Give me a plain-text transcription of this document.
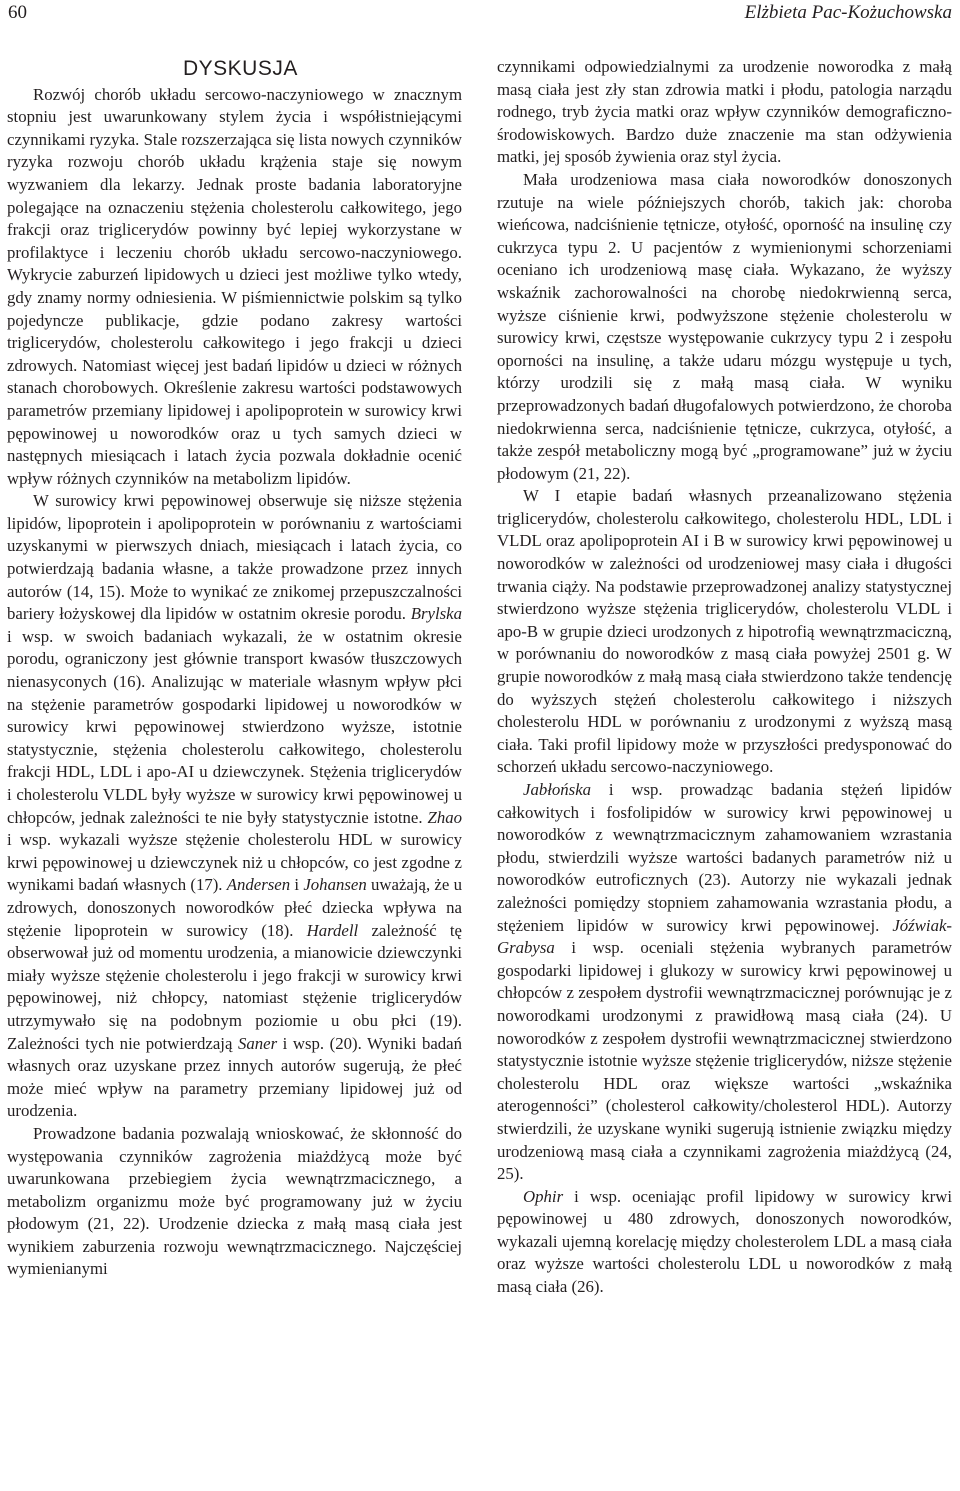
60	Elżbieta Pac-Kożuchowska
DYSKUSJA

Rozwój chorób układu sercowo-naczyniowego w znacznym stopniu jest uwarunkowany stylem życia i współistniejącymi czynnikami ryzyka. Stale rozszerzająca się lista nowych czynników ryzyka rozwoju chorób układu krążenia staje się nowym wyzwaniem dla lekarzy. Jednak proste badania laboratoryjne polegające na oznaczeniu stężenia cholesterolu całkowitego, jego frakcji oraz triglicerydów powinny być lepiej wykorzystane w profilaktyce i leczeniu chorób układu sercowo-naczyniowego. Wykrycie zaburzeń lipidowych u dzieci jest możliwe tylko wtedy, gdy znamy normy odniesienia. W piśmiennictwie polskim są tylko pojedyncze publikacje, gdzie podano zakresy wartości triglicerydów, cholesterolu całkowitego i jego frakcji u dzieci zdrowych. Natomiast więcej jest badań lipidów u dzieci w różnych stanach chorobowych. Określenie zakresu wartości podstawowych parametrów przemiany lipidowej i apolipoprotein w surowicy krwi pępowinowej u noworodków oraz u tych samych dzieci w następnych miesiącach i latach życia pozwala dokładnie ocenić wpływ różnych czynników na metabolizm lipidów.

W surowicy krwi pępowinowej obserwuje się niższe stężenia lipidów, lipoprotein i apolipoprotein w porównaniu z wartościami uzyskanymi w pierwszych dniach, miesiącach i latach życia, co potwierdzają badania własne, a także prowadzone przez innych autorów (14, 15). Może to wynikać ze znikomej przepuszczalności bariery łożyskowej dla lipidów w ostatnim okresie porodu. Brylska i wsp. w swoich badaniach wykazali, że w ostatnim okresie porodu, ograniczony jest głównie transport kwasów tłuszczowych nienasyconych (16). Analizując w materiale własnym wpływ płci na stężenie parametrów gospodarki lipidowej u noworodków w surowicy krwi pępowinowej stwierdzono wyższe, istotnie statystycznie, stężenia cholesterolu całkowitego, cholesterolu frakcji HDL, LDL i apo-AI u dziewczynek. Stężenia triglicerydów i cholesterolu VLDL były wyższe w surowicy krwi pępowinowej u chłopców, jednak zależności te nie były statystycznie istotne. Zhao i wsp. wykazali wyższe stężenie cholesterolu HDL w surowicy krwi pępowinowej u dziewczynek niż u chłopców, co jest zgodne z wynikami badań własnych (17). Andersen i Johansen uważają, że u zdrowych, donoszonych noworodków płeć dziecka wpływa na stężenie lipoprotein w surowicy (18). Hardell zależność tę obserwował już od momentu urodzenia, a mianowicie dziewczynki miały wyższe stężenie cholesterolu i jego frakcji w surowicy krwi pępowinowej, niż chłopcy, natomiast stężenie triglicerydów utrzymywało się na podobnym poziomie u obu płci (19). Zależności tych nie potwierdzają Saner i wsp. (20). Wyniki badań własnych oraz uzyskane przez innych autorów sugerują, że płeć może mieć wpływ na parametry przemiany lipidowej już od urodzenia.

Prowadzone badania pozwalają wnioskować, że skłonność do występowania czynników zagrożenia miażdżycą może być uwarunkowana przebiegiem życia wewnątrzmacicznego, a metabolizm organizmu może być programowany już w życiu płodowym (21, 22). Urodzenie dziecka z małą masą ciała jest wynikiem zaburzenia rozwoju wewnątrzmacicznego. Najczęściej wymienianymi

czynnikami odpowiedzialnymi za urodzenie noworodka z małą masą ciała jest zły stan zdrowia matki i płodu, patologia narządu rodnego, tryb życia matki oraz wpływ czynników demograficzno-środowiskowych. Bardzo duże znaczenie ma stan odżywienia matki, jej sposób żywienia oraz styl życia.

Mała urodzeniowa masa ciała noworodków donoszonych rzutuje na wiele późniejszych chorób, takich jak: choroba wieńcowa, nadciśnienie tętnicze, otyłość, oporność na insulinę czy cukrzyca typu 2. U pacjentów z wymienionymi schorzeniami oceniano ich urodzeniową masę ciała. Wykazano, że wyższy wskaźnik zachorowalności na chorobę niedokrwienną serca, wyższe ciśnienie krwi, podwyższone stężenie cholesterolu w surowicy krwi, częstsze występowanie cukrzycy typu 2 i zespołu oporności na insulinę, a także udaru mózgu występuje u tych, którzy urodzili się z małą masą ciała. W wyniku przeprowadzonych badań długofalowych potwierdzono, że choroba niedokrwienna serca, nadciśnienie tętnicze, cukrzyca, otyłość, a także zespół metaboliczny mogą być „programowane” już w życiu płodowym (21, 22).

W I etapie badań własnych przeanalizowano stężenia triglicerydów, cholesterolu całkowitego, cholesterolu HDL, LDL i VLDL oraz apolipoprotein AI i B w surowicy krwi pępowinowej u noworodków w zależności od urodzeniowej masy ciała i długości trwania ciąży. Na podstawie przeprowadzonej analizy statystycznej stwierdzono wyższe stężenia triglicerydów, cholesterolu VLDL i apo-B w grupie dzieci urodzonych z hipotrofią wewnątrzmaciczną, w porównaniu do noworodków z masą ciała powyżej 2501 g. W grupie noworodków z małą masą ciała stwierdzono także tendencję do wyższych stężeń cholesterolu całkowitego i niższych cholesterolu HDL w porównaniu z urodzonymi z wyższą masą ciała. Taki profil lipidowy może w przyszłości predysponować do schorzeń układu sercowo-naczyniowego.

Jabłońska i wsp. prowadząc badania stężeń lipidów całkowitych i fosfolipidów w surowicy krwi pępowinowej u noworodków z wewnątrzmacicznym zahamowaniem wzrastania płodu, stwierdzili wyższe wartości badanych parametrów niż u noworodków eutroficznych (23). Autorzy nie wykazali jednak zależności pomiędzy stopniem zahamowania wzrastania płodu, a stężeniem lipidów w surowicy krwi pępowinowej. Jóźwiak-Grabysa i wsp. oceniali stężenia wybranych parametrów gospodarki lipidowej i glukozy w surowicy krwi pępowinowej u chłopców z zespołem dystrofii wewnątrzmacicznej porównując je z noworodkami urodzonymi z prawidłową masą ciała (24). U noworodków z zespołem dystrofii wewnątrzmacicznej stwierdzono statystycznie istotnie wyższe stężenie triglicerydów, niższe stężenie cholesterolu HDL oraz większe wartości „wskaźnika aterogenności” (cholesterol całkowity/cholesterol HDL). Autorzy stwierdzili, że uzyskane wyniki sugerują istnienie związku między urodzeniową masą ciała a czynnikami zagrożenia miażdżycą (24, 25).

Ophir i wsp. oceniając profil lipidowy w surowicy krwi pępowinowej u 480 zdrowych, donoszonych noworodków, wykazali ujemną korelację między cholesterolem LDL a masą ciała oraz wyższe wartości cholesterolu LDL u noworodków z małą masą ciała (26).
